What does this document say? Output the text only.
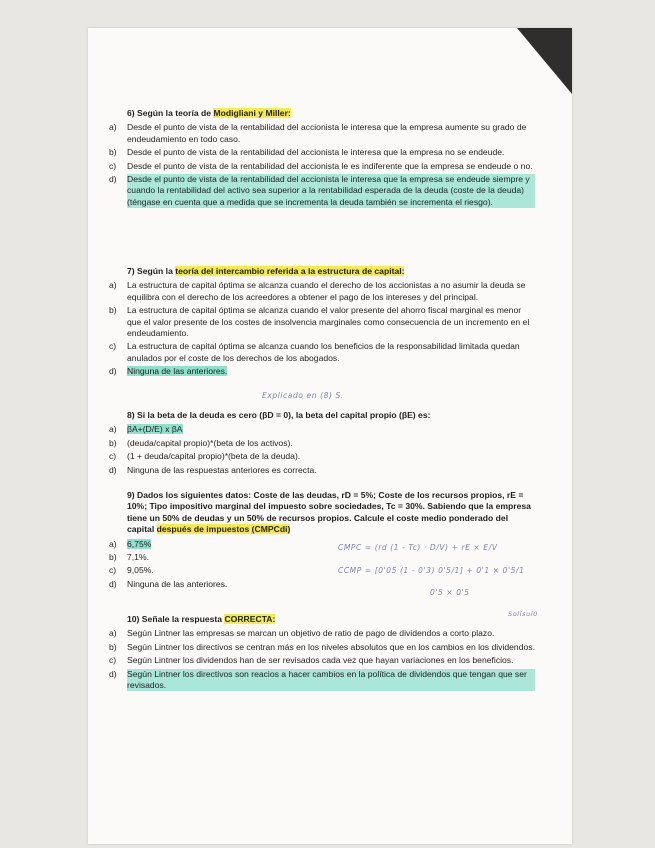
6) Según la teoría de Modigliani y Miller:
a)	Desde el punto de vista de la rentabilidad del accionista le interesa que la empresa aumente su grado de endeudamiento en todo caso.
b)	Desde el punto de vista de la rentabilidad del accionista le interesa que la empresa no se endeude.
c)	Desde el punto de vista de la rentabilidad del accionista le es indiferente que la empresa se endeude o no.
d)	Desde el punto de vista de la rentabilidad del accionista le interesa que la empresa se endeude siempre y cuando la rentabilidad del activo sea superior a la rentabilidad esperada de la deuda (coste de la deuda) (téngase en cuenta que a medida que se incrementa la deuda también se incrementa el riesgo).
7) Según la teoría del intercambio referida a la estructura de capital:
a)	La estructura de capital óptima se alcanza cuando el derecho de los accionistas a no asumir la deuda se equilibra con el derecho de los acreedores a obtener el pago de los intereses y del principal.
b)	La estructura de capital óptima se alcanza cuando el valor presente del ahorro fiscal marginal es menor que el valor presente de los costes de insolvencia marginales como consecuencia de un incremento en el endeudamiento.
c)	La estructura de capital óptima se alcanza cuando los beneficios de la responsabilidad limitada quedan anulados por el coste de los derechos de los abogados.
d)	Ninguna de las anteriores.
Explicado en (8) S.
8) Si la beta de la deuda es cero (βD = 0), la beta del capital propio (βE) es:
a)	βA+(D/E) x βA
b)	(deuda/capital propio)*(beta de los activos).
c)	(1 + deuda/capital propio)*(beta de la deuda).
d)	Ninguna de las respuestas anteriores es correcta.
9) Dados los siguientes datos: Coste de las deudas, rD = 5%; Coste de los recursos propios, rE = 10%; Tipo impositivo marginal del impuesto sobre sociedades, Tc = 30%. Sabiendo que la empresa tiene un 50% de deudas y un 50% de recursos propios. Calcule el coste medio ponderado del capital después de impuestos (CMPCdi)
a)	6,75%
b)	7,1%.
c)	9,05%.
d)	Ninguna de las anteriores.
CMPC = (rd (1 - Tc) · D/V) + rE × E/V
CCMP = [0'05 (1 - 0'3) 0'5/1] + 0'1 × 0'5/1
0'5 × 0'5
10) Señale la respuesta CORRECTA:
a)	Según Lintner las empresas se marcan un objetivo de ratio de pago de dividendos a corto plazo.
b)	Según Lintner los directivos se centran más en los niveles absolutos que en los cambios en los dividendos.
c)	Según Lintner los dividendos han de ser revisados cada vez que hayan variaciones en los beneficios.
d)	Según Lintner los directivos son reacios a hacer cambios en la política de dividendos que tengan que ser revisados.
Sollsul0
